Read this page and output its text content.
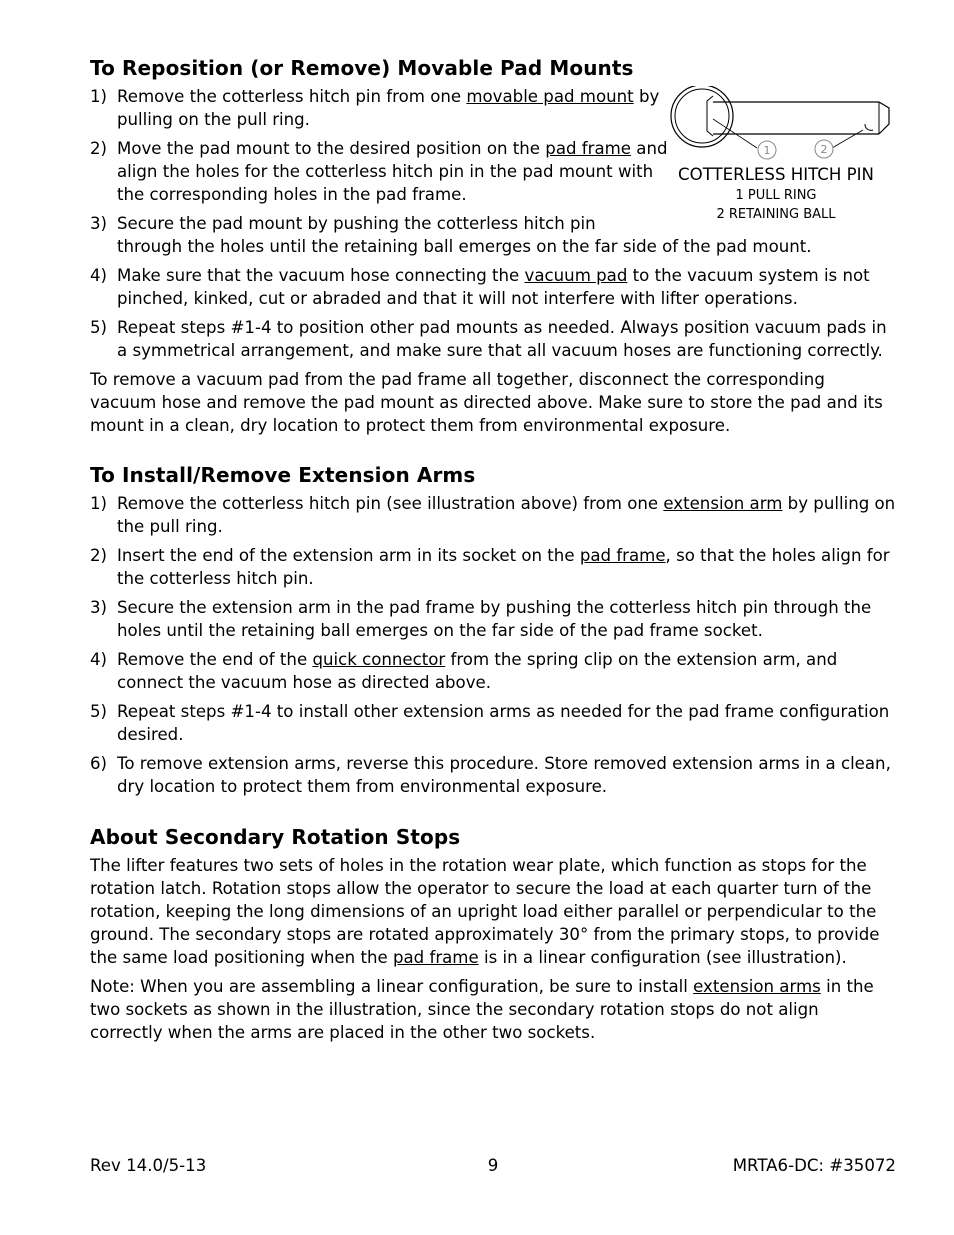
To Reposition (or Remove) Movable Pad Mounts
1) Remove the cotterless hitch pin from one movable pad mount by pulling on the pull ring.
2) Move the pad mount to the desired position on the pad frame and align the holes for the cotterless hitch pin in the pad mount with the corresponding holes in the pad frame.
3) Secure the pad mount by pushing the cotterless hitch pin
through the holes until the retaining ball emerges on the far side of the pad mount.
4) Make sure that the vacuum hose connecting the vacuum pad to the vacuum system is not pinched, kinked, cut or abraded and that it will not interfere with lifter operations.
5) Repeat steps #1-4 to position other pad mounts as needed. Always position vacuum pads in a symmetrical arrangement, and make sure that all vacuum hoses are functioning correctly.

To remove a vacuum pad from the pad frame all together, disconnect the corresponding vacuum hose and remove the pad mount as directed above. Make sure to store the pad and its mount in a clean, dry location to protect them from environmental exposure.

To Install/Remove Extension Arms
1) Remove the cotterless hitch pin (see illustration above) from one extension arm by pulling on the pull ring.
2) Insert the end of the extension arm in its socket on the pad frame, so that the holes align for the cotterless hitch pin.
3) Secure the extension arm in the pad frame by pushing the cotterless hitch pin through the holes until the retaining ball emerges on the far side of the pad frame socket.
4) Remove the end of the quick connector from the spring clip on the extension arm, and connect the vacuum hose as directed above.
5) Repeat steps #1-4 to install other extension arms as needed for the pad frame configuration desired.
6) To remove extension arms, reverse this procedure. Store removed extension arms in a clean, dry location to protect them from environmental exposure.
About Secondary Rotation Stops

The lifter features two sets of holes in the rotation wear plate, which function as stops for the rotation latch. Rotation stops allow the operator to secure the load at each quarter turn of the rotation, keeping the long dimensions of an upright load either parallel or perpendicular to the ground. The secondary stops are rotated approximately 30° from the primary stops, to provide the same load positioning when the pad frame is in a linear configuration (see illustration).

Note: When you are assembling a linear configuration, be sure to install extension arms in the two sockets as shown in the illustration, since the secondary rotation stops do not align correctly when the arms are placed in the other two sockets.

1	2
COTTERLESS HITCH PIN
1 PULL RING
2 RETAINING BALL
Rev 14.0/5-13	9	MRTA6-DC: #35072
